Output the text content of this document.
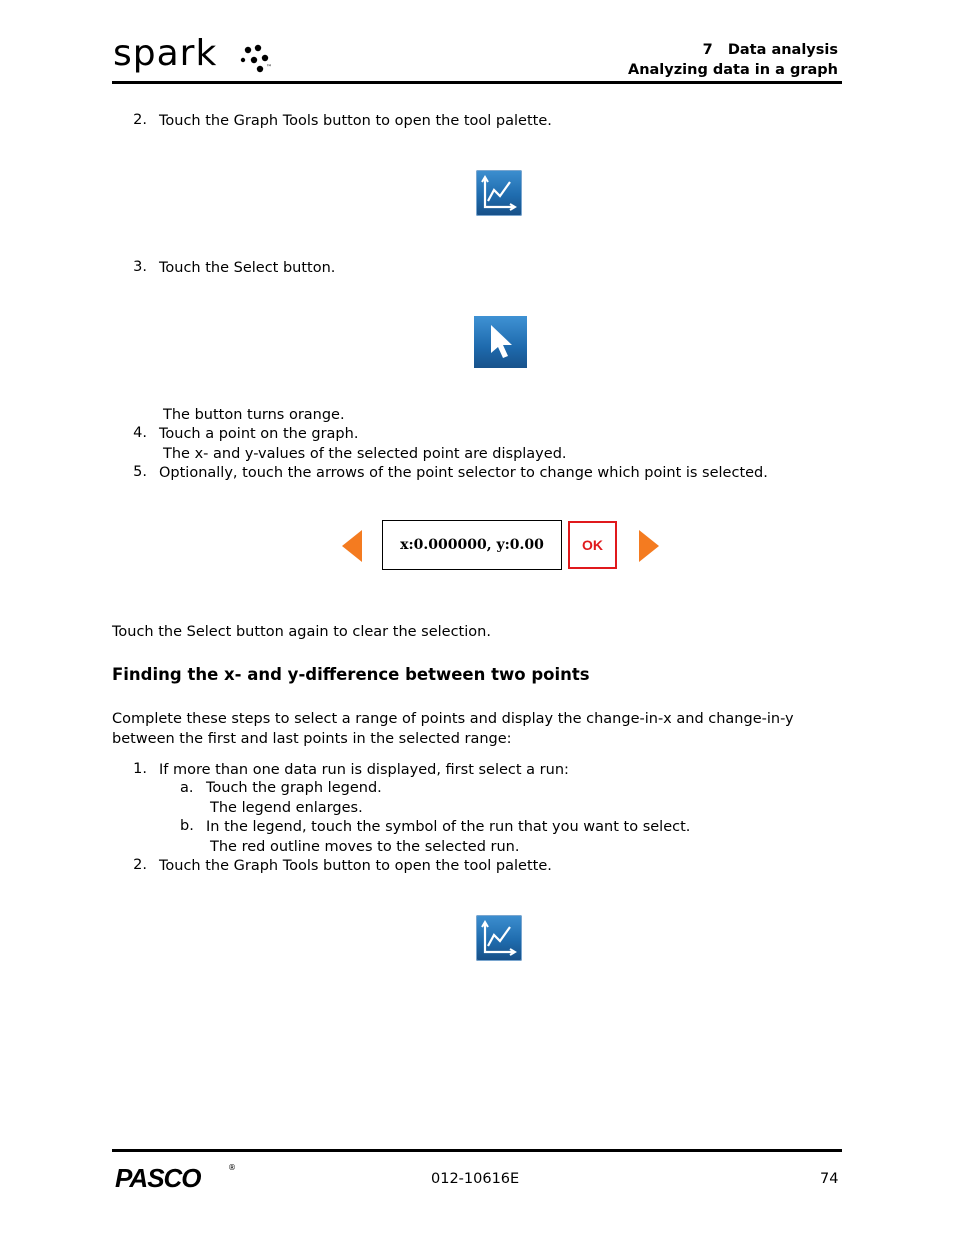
spark	™
7   Data analysis
Analyzing data in a graph
2. Touch the Graph Tools button to open the tool palette.
3. Touch the Select button.
The button turns orange.
4. Touch a point on the graph.
The x- and y-values of the selected point are displayed.
5. Optionally, touch the arrows of the point selector to change which point is selected.
x:0.000000, y:0.00	OK
Touch the Select button again to clear the selection.
Finding the x- and y-difference between two points
Complete these steps to select a range of points and display the change-in-x and change-in-y
between the first and last points in the selected range:
1. If more than one data run is displayed, first select a run:
a. Touch the graph legend.
The legend enlarges.
b. In the legend, touch the symbol of the run that you want to select.
The red outline moves to the selected run.
2. Touch the Graph Tools button to open the tool palette.
PASCO	®
012-10616E	74
